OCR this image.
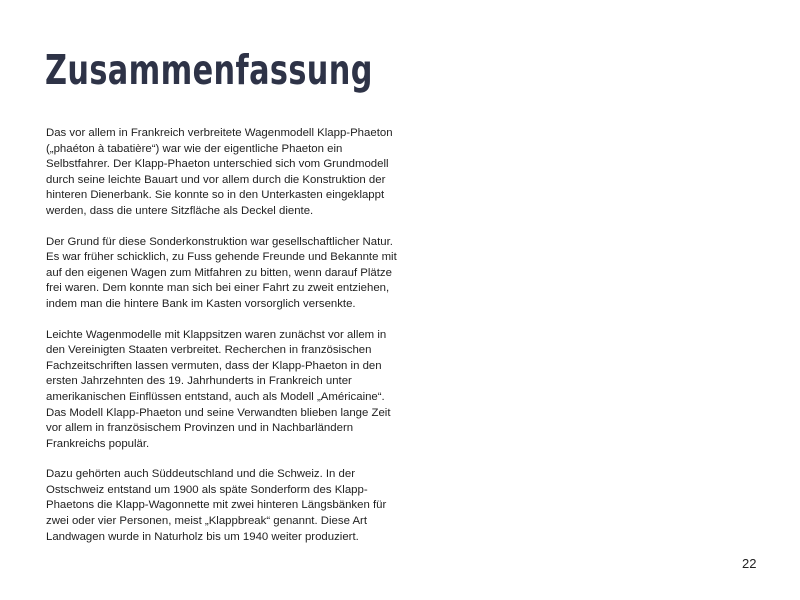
Zusammenfassung

Das vor allem in Frankreich verbreitete Wagenmodell Klapp-Phaeton („phaéton à tabatière“) war wie der eigentliche Phaeton ein Selbstfahrer. Der Klapp-Phaeton unterschied sich vom Grundmodell durch seine leichte Bauart und vor allem durch die Konstruktion der hinteren Dienerbank. Sie konnte so in den Unterkasten eingeklappt werden, dass die untere Sitzfläche als Deckel diente.

Der Grund für diese Sonderkonstruktion war gesellschaftlicher Natur. Es war früher schicklich, zu Fuss gehende Freunde und Bekannte mit auf den eigenen Wagen zum Mitfahren zu bitten, wenn darauf Plätze frei waren. Dem konnte man sich bei einer Fahrt zu zweit entziehen, indem man die hintere Bank im Kasten vorsorglich versenkte.

Leichte Wagenmodelle mit Klappsitzen waren zunächst vor allem in den Vereinigten Staaten verbreitet. Recherchen in französischen Fachzeitschriften lassen vermuten, dass der Klapp-Phaeton in den ersten Jahrzehnten des 19. Jahrhunderts in Frankreich unter amerikanischen Einflüssen entstand, auch als Modell „Américaine“. Das Modell Klapp-Phaeton und seine Verwandten blieben lange Zeit vor allem in französischem Provinzen und in Nachbarländern Frankreichs populär.

Dazu gehörten auch Süddeutschland und die Schweiz. In der Ostschweiz entstand um 1900 als späte Sonderform des Klapp-Phaetons die Klapp-Wagonnette mit zwei hinteren Längsbänken für zwei oder vier Personen, meist „Klappbreak“ genannt. Diese Art Landwagen wurde in Naturholz bis um 1940 weiter produziert.

22
